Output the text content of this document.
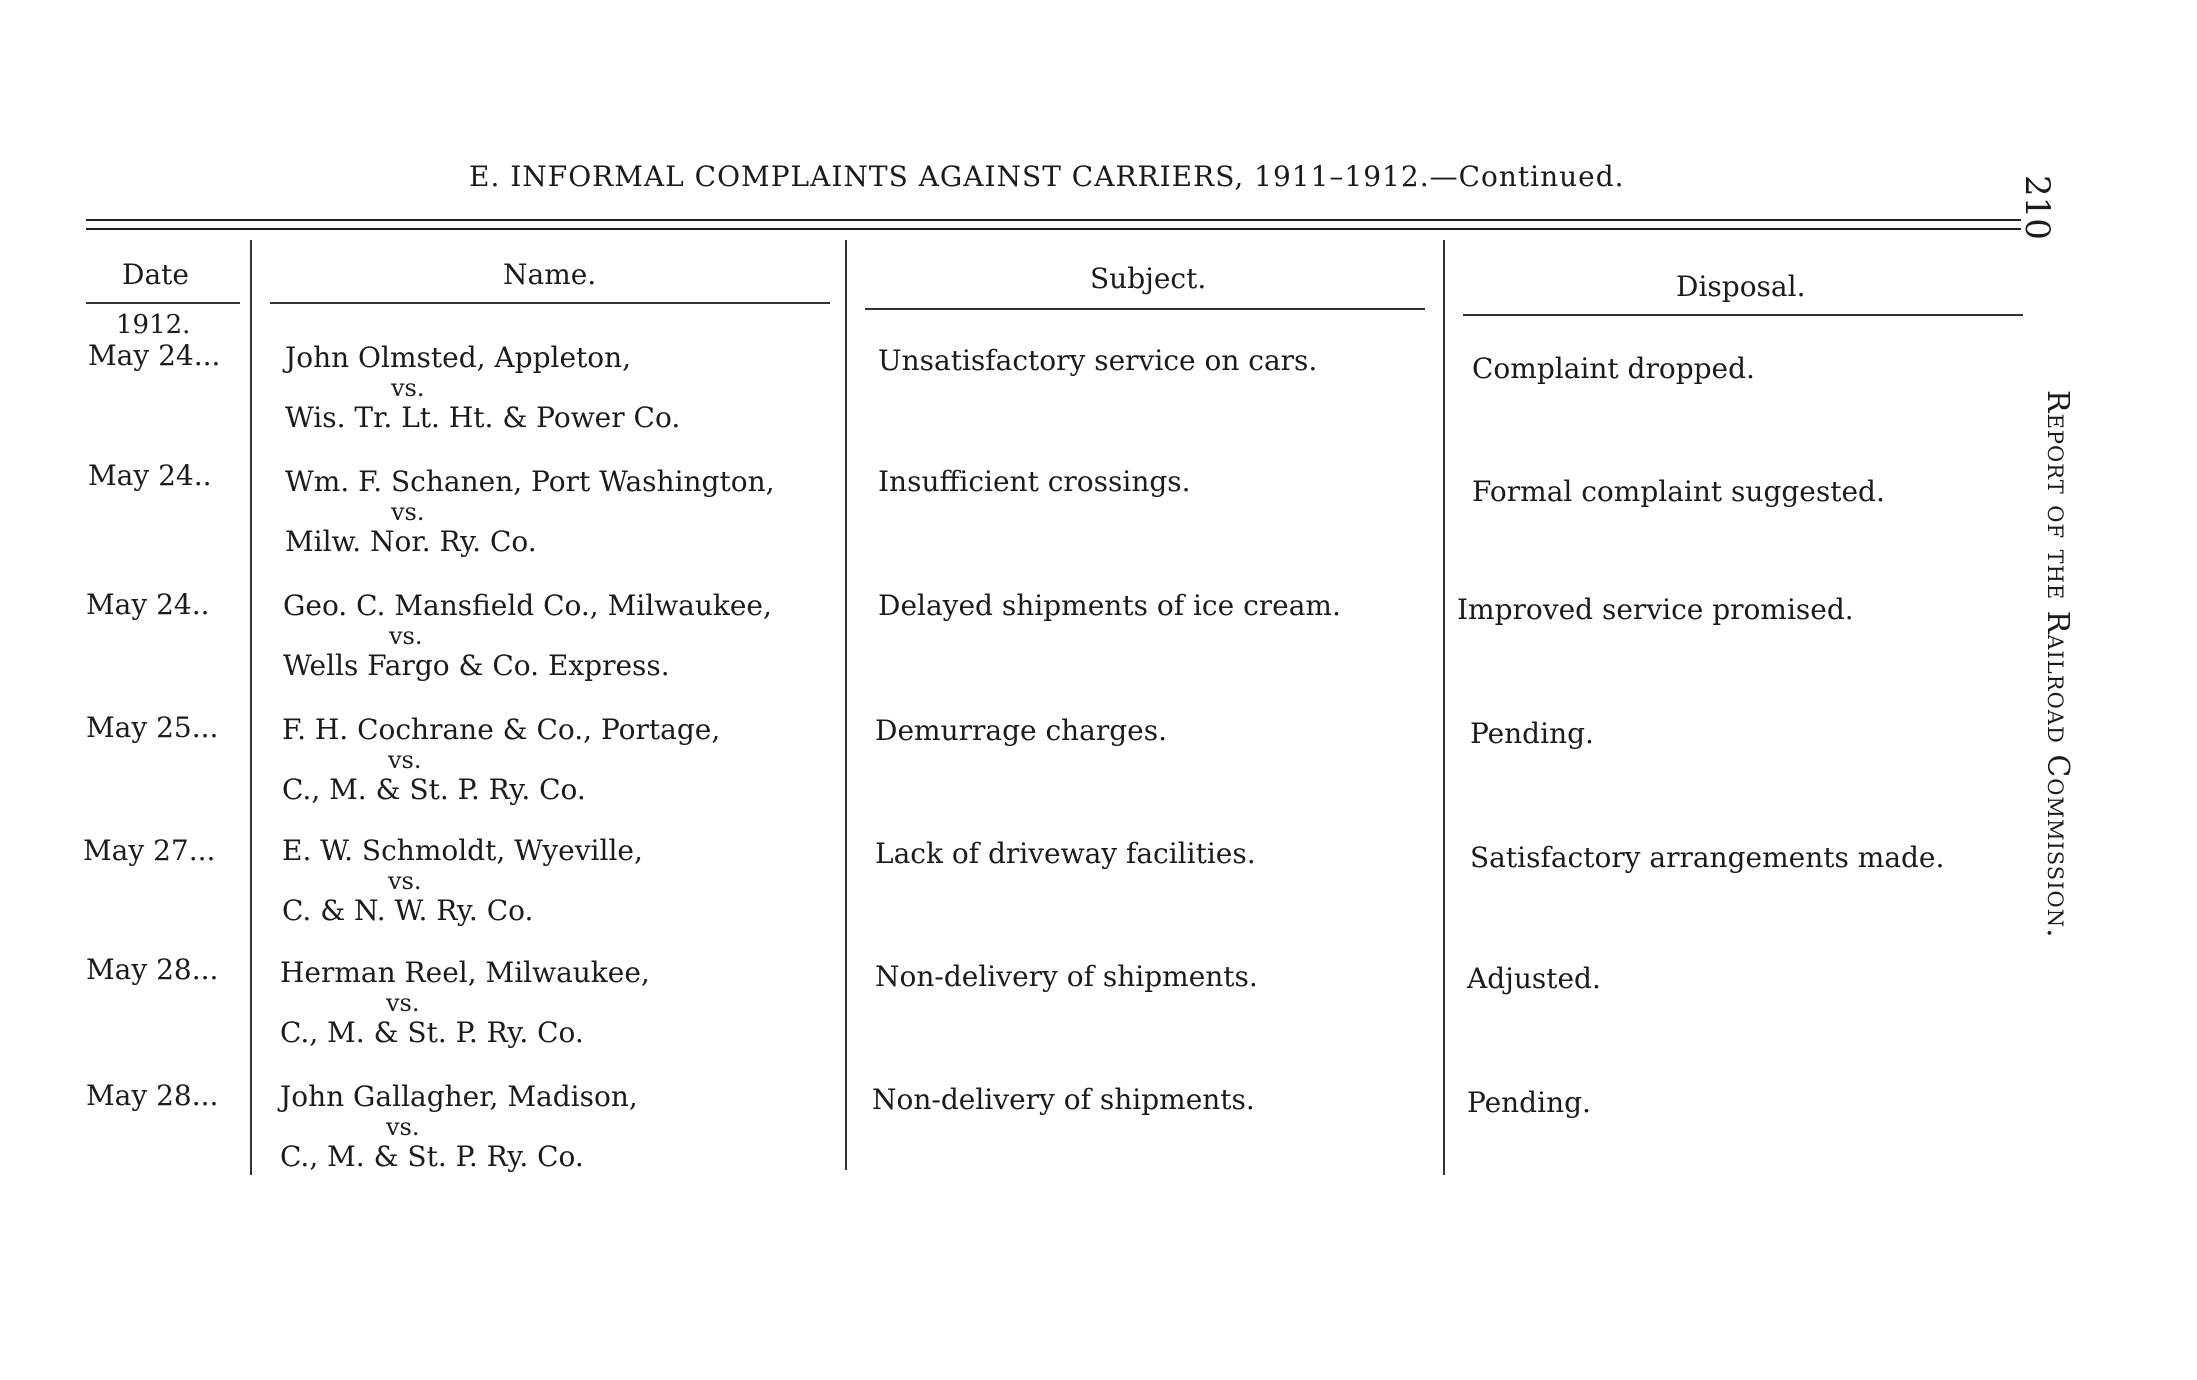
E. INFORMAL COMPLAINTS AGAINST CARRIERS, 1911–1912.—Continued.	210
Report of the Railroad Commission.
Date	Name.	Subject.	Disposal.
1912.
May 24... John Olmsted, Appleton,
vs.
Wis. Tr. Lt. Ht. & Power Co.
Unsatisfactory service on cars.	Complaint dropped.
May 24..	Wm. F. Schanen, Port Washington,
vs.
Milw. Nor. Ry. Co.
Insufficient crossings.	Formal complaint suggested.
May 24..	Geo. C. Mansfield Co., Milwaukee,
vs.
Wells Fargo & Co. Express.
Delayed shipments of ice cream.	Improved service promised.
May 25... F. H. Cochrane & Co., Portage,
vs.
C., M. & St. P. Ry. Co.
Demurrage charges.	Pending.
May 27... E. W. Schmoldt, Wyeville,
vs.
C. & N. W. Ry. Co.
Lack of driveway facilities.	Satisfactory arrangements made.
May 28... Herman Reel, Milwaukee,
vs.
C., M. & St. P. Ry. Co.
Non-delivery of shipments.	Adjusted.
May 28... John Gallagher, Madison,
vs.
C., M. & St. P. Ry. Co.
Non-delivery of shipments.	Pending.
